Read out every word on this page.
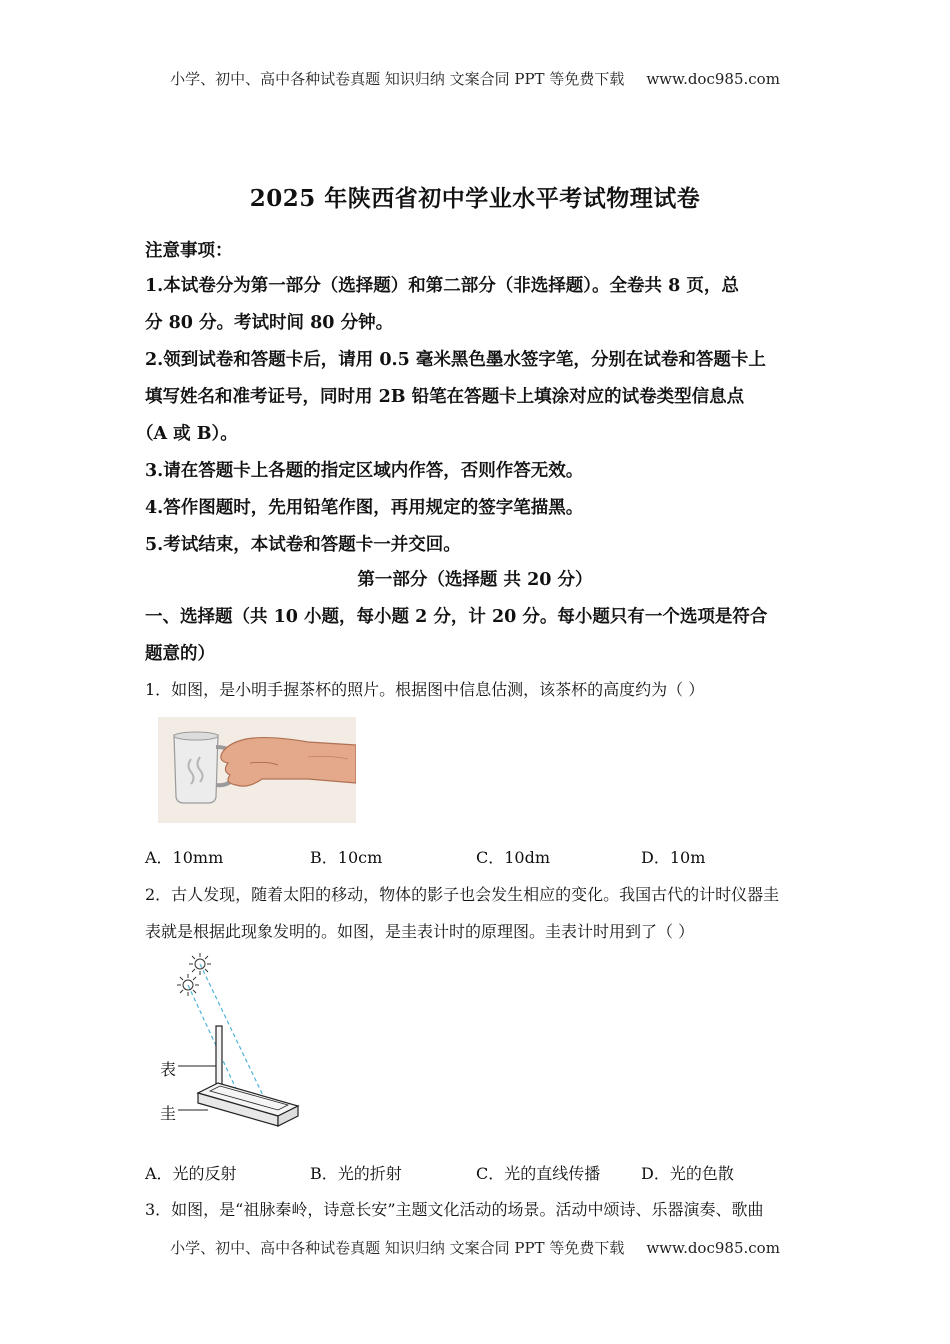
小学、初中、高中各种试卷真题 知识归纳 文案合同 PPT 等免费下载 www.doc985.com
2025 年陕西省初中学业水平考试物理试卷
注意事项：
1.本试卷分为第一部分（选择题）和第二部分（非选择题）。全卷共 8 页，总
分 80 分。考试时间 80 分钟。
2.领到试卷和答题卡后，请用 0.5 毫米黑色墨水签字笔，分别在试卷和答题卡上
填写姓名和准考证号，同时用 2B 铅笔在答题卡上填涂对应的试卷类型信息点
（A 或 B）。
3.请在答题卡上各题的指定区域内作答，否则作答无效。
4.答作图题时，先用铅笔作图，再用规定的签字笔描黑。
5.考试结束，本试卷和答题卡一并交回。
第一部分（选择题 共 20 分）
一、选择题（共 10 小题，每小题 2 分，计 20 分。每小题只有一个选项是符合
题意的）
1．如图，是小明手握茶杯的照片。根据图中信息估测，该茶杯的高度约为（ ）
A．10mm	B．10cm	C．10dm	D．10m
2．古人发现，随着太阳的移动，物体的影子也会发生相应的变化。我国古代的计时仪器圭
表就是根据此现象发明的。如图，是圭表计时的原理图。圭表计时用到了（ ）
表
圭
A．光的反射	B．光的折射	C．光的直线传播	D．光的色散
3．如图，是“祖脉秦岭，诗意长安”主题文化活动的场景。活动中颂诗、乐器演奏、歌曲
小学、初中、高中各种试卷真题 知识归纳 文案合同 PPT 等免费下载 www.doc985.com
